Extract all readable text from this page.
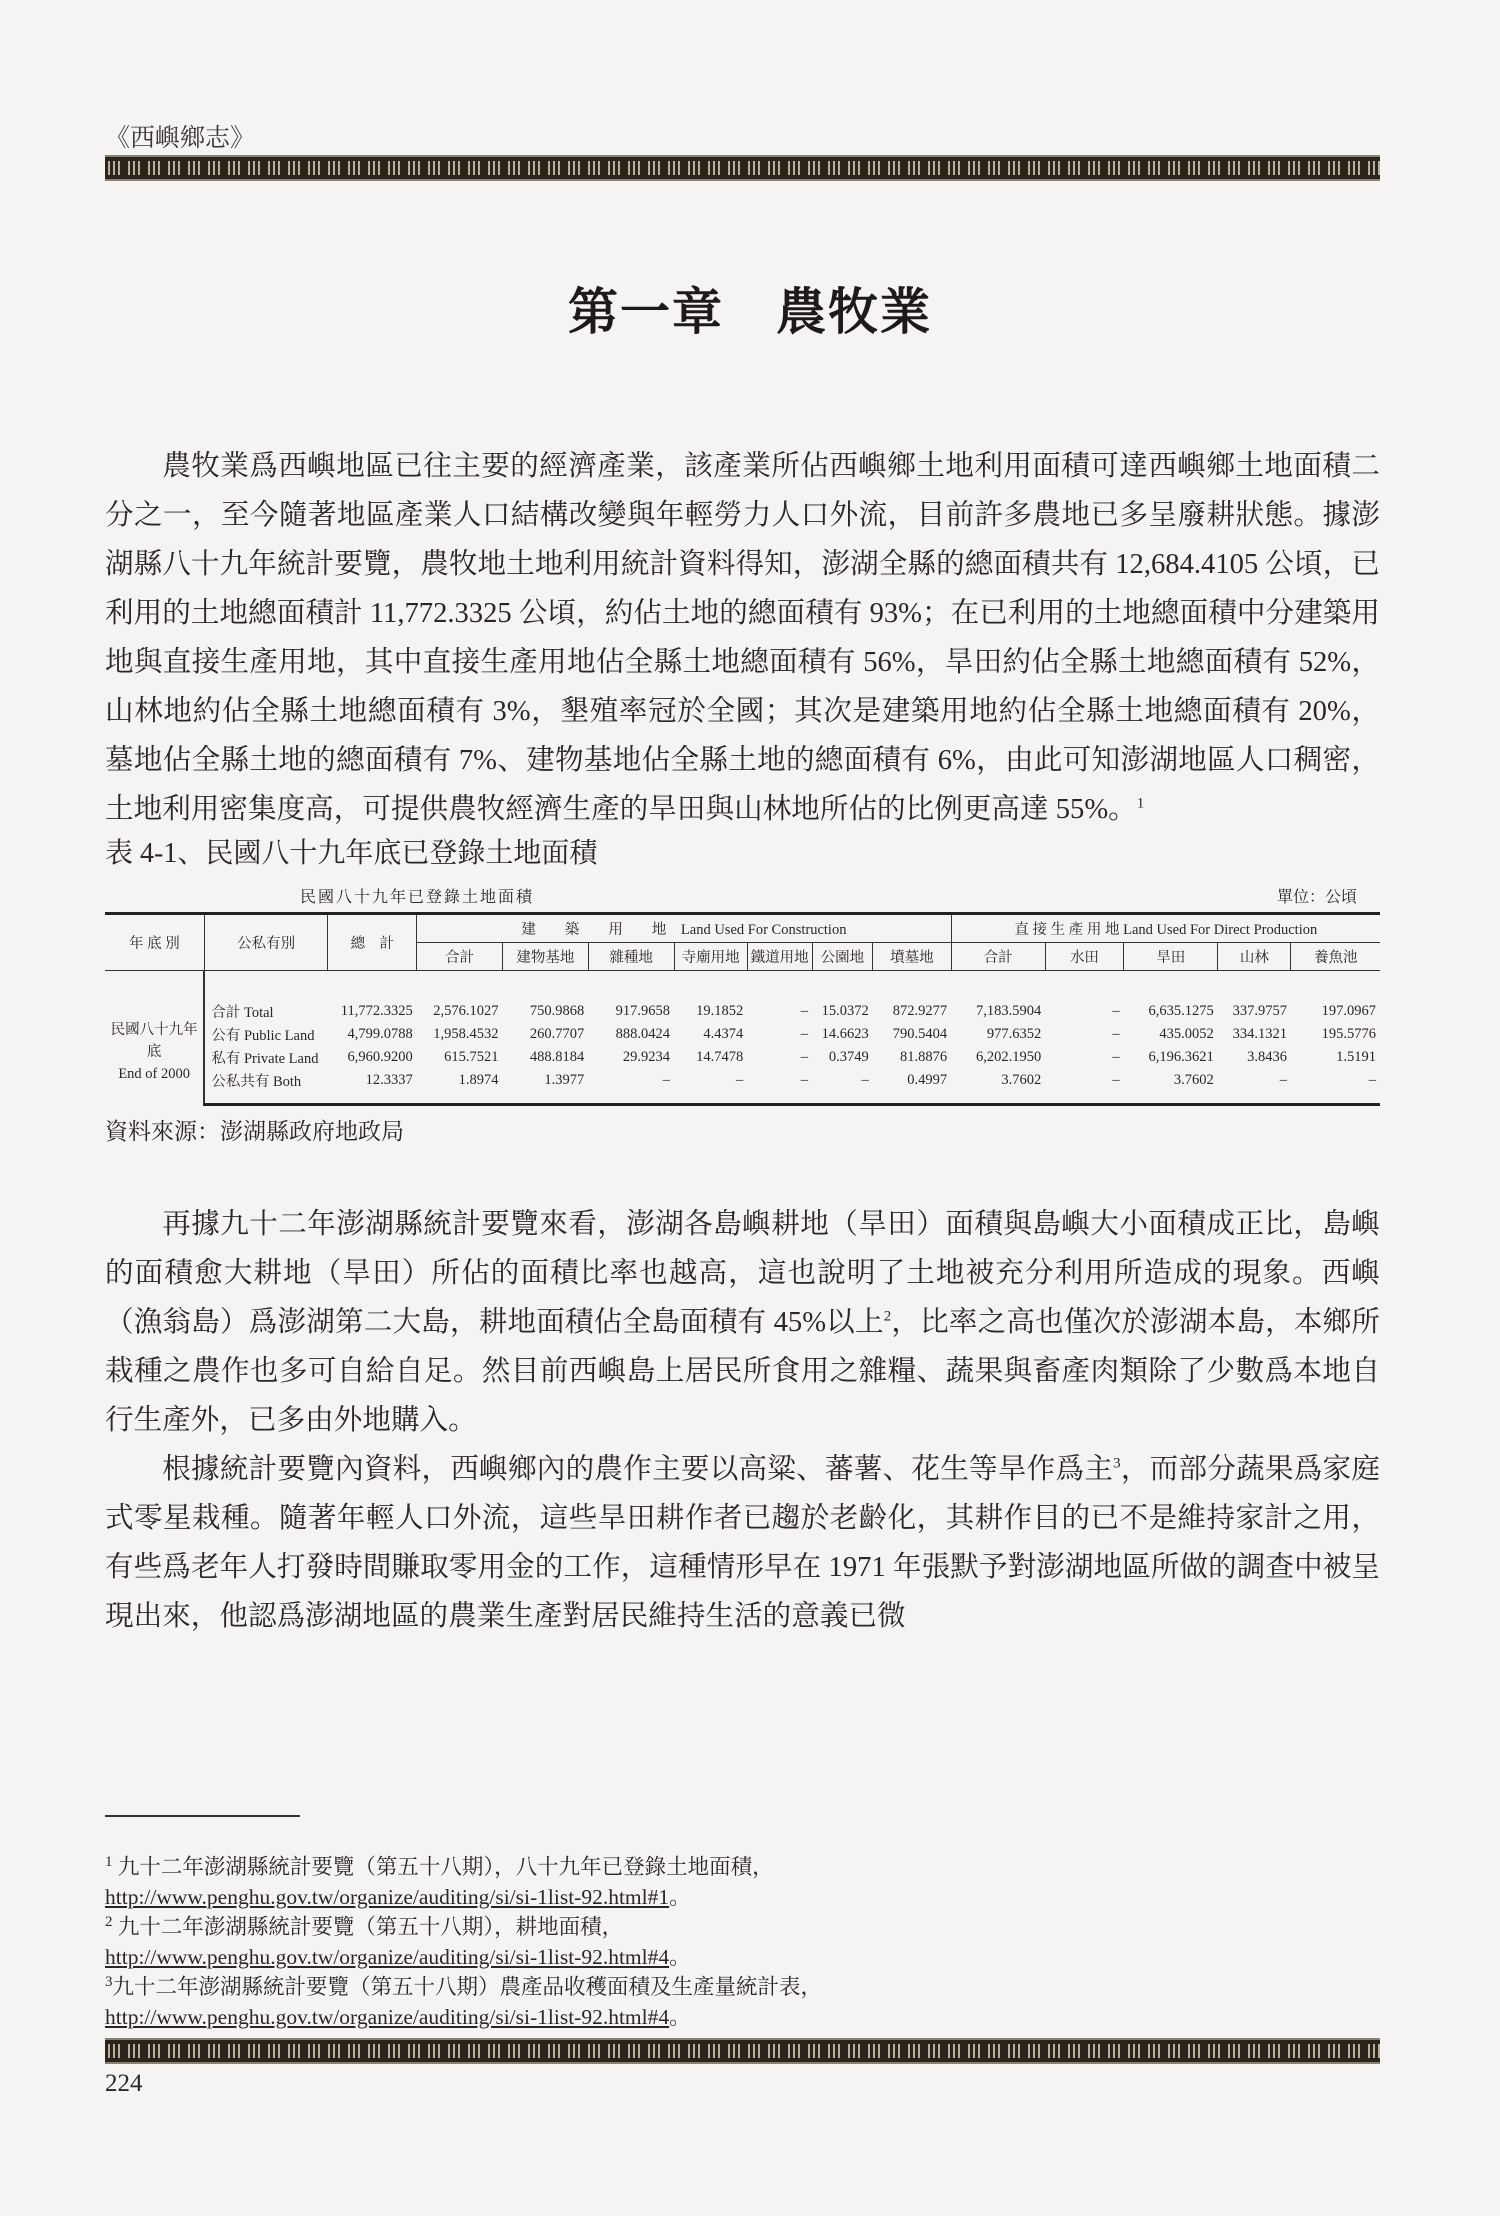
《西嶼鄉志》
第一章　農牧業

農牧業爲西嶼地區已往主要的經濟產業，該產業所佔西嶼鄉土地利用面積可達西嶼鄉土地面積二分之一，至今隨著地區產業人口結構改變與年輕勞力人口外流，目前許多農地已多呈廢耕狀態。據澎湖縣八十九年統計要覽，農牧地土地利用統計資料得知，澎湖全縣的總面積共有 12,684.4105 公頃，已利用的土地總面積計 11,772.3325 公頃，約佔土地的總面積有 93%；在已利用的土地總面積中分建築用地與直接生產用地，其中直接生產用地佔全縣土地總面積有 56%，旱田約佔全縣土地總面積有 52%，山林地約佔全縣土地總面積有 3%，墾殖率冠於全國；其次是建築用地約佔全縣土地總面積有 20%，墓地佔全縣土地的總面積有 7%、建物基地佔全縣土地的總面積有 6%，由此可知澎湖地區人口稠密，土地利用密集度高，可提供農牧經濟生產的旱田與山林地所佔的比例更高達 55%。$^1$

表 4-1、民國八十九年底已登錄土地面積
民國八十九年已登錄土地面積	單位：公頃
年 底 別	公私有別	總　計	建　　築　　用　　地　Land Used For Construction							直 接 生 產 用 地 Land Used For Direct Production				
			合計	建物基地	雜種地	寺廟用地	鐵道用地	公園地	墳墓地	合計	水田	旱田	山林	養魚池

民國八十九年底
End of 2000	合計 Total	11,772.3325	2,576.1027	750.9868	917.9658	19.1852	–	15.0372	872.9277	7,183.5904	–	6,635.1275	337.9757	197.0967
	公有 Public Land	4,799.0788	1,958.4532	260.7707	888.0424	4.4374	–	14.6623	790.5404	977.6352	–	435.0052	334.1321	195.5776
	私有 Private Land	6,960.9200	615.7521	488.8184	29.9234	14.7478	–	0.3749	81.8876	6,202.1950	–	6,196.3621	3.8436	1.5191
	公私共有 Both	12.3337	1.8974	1.3977	–	–	–	–	0.4997	3.7602	–	3.7602	–	–
資料來源：澎湖縣政府地政局

再據九十二年澎湖縣統計要覽來看，澎湖各島嶼耕地（旱田）面積與島嶼大小面積成正比，島嶼的面積愈大耕地（旱田）所佔的面積比率也越高，這也說明了土地被充分利用所造成的現象。西嶼（漁翁島）爲澎湖第二大島，耕地面積佔全島面積有 45%以上$^2$，比率之高也僅次於澎湖本島，本鄉所栽種之農作也多可自給自足。然目前西嶼島上居民所食用之雜糧、蔬果與畜產肉類除了少數爲本地自行生產外，已多由外地購入。

根據統計要覽內資料，西嶼鄉內的農作主要以高粱、蕃薯、花生等旱作爲主$^3$，而部分蔬果爲家庭式零星栽種。隨著年輕人口外流，這些旱田耕作者已趨於老齡化，其耕作目的已不是維持家計之用，有些爲老年人打發時間賺取零用金的工作，這種情形早在 1971 年張默予對澎湖地區所做的調查中被呈現出來，他認爲澎湖地區的農業生產對居民維持生活的意義已微

$^1$ 九十二年澎湖縣統計要覽（第五十八期），八十九年已登錄土地面積，
http://www.penghu.gov.tw/organize/auditing/si/si-1list-92.html#1。
$^2$ 九十二年澎湖縣統計要覽（第五十八期），耕地面積，
http://www.penghu.gov.tw/organize/auditing/si/si-1list-92.html#4。
$^3$九十二年澎湖縣統計要覽（第五十八期）農產品收穫面積及生產量統計表，
http://www.penghu.gov.tw/organize/auditing/si/si-1list-92.html#4。
224
